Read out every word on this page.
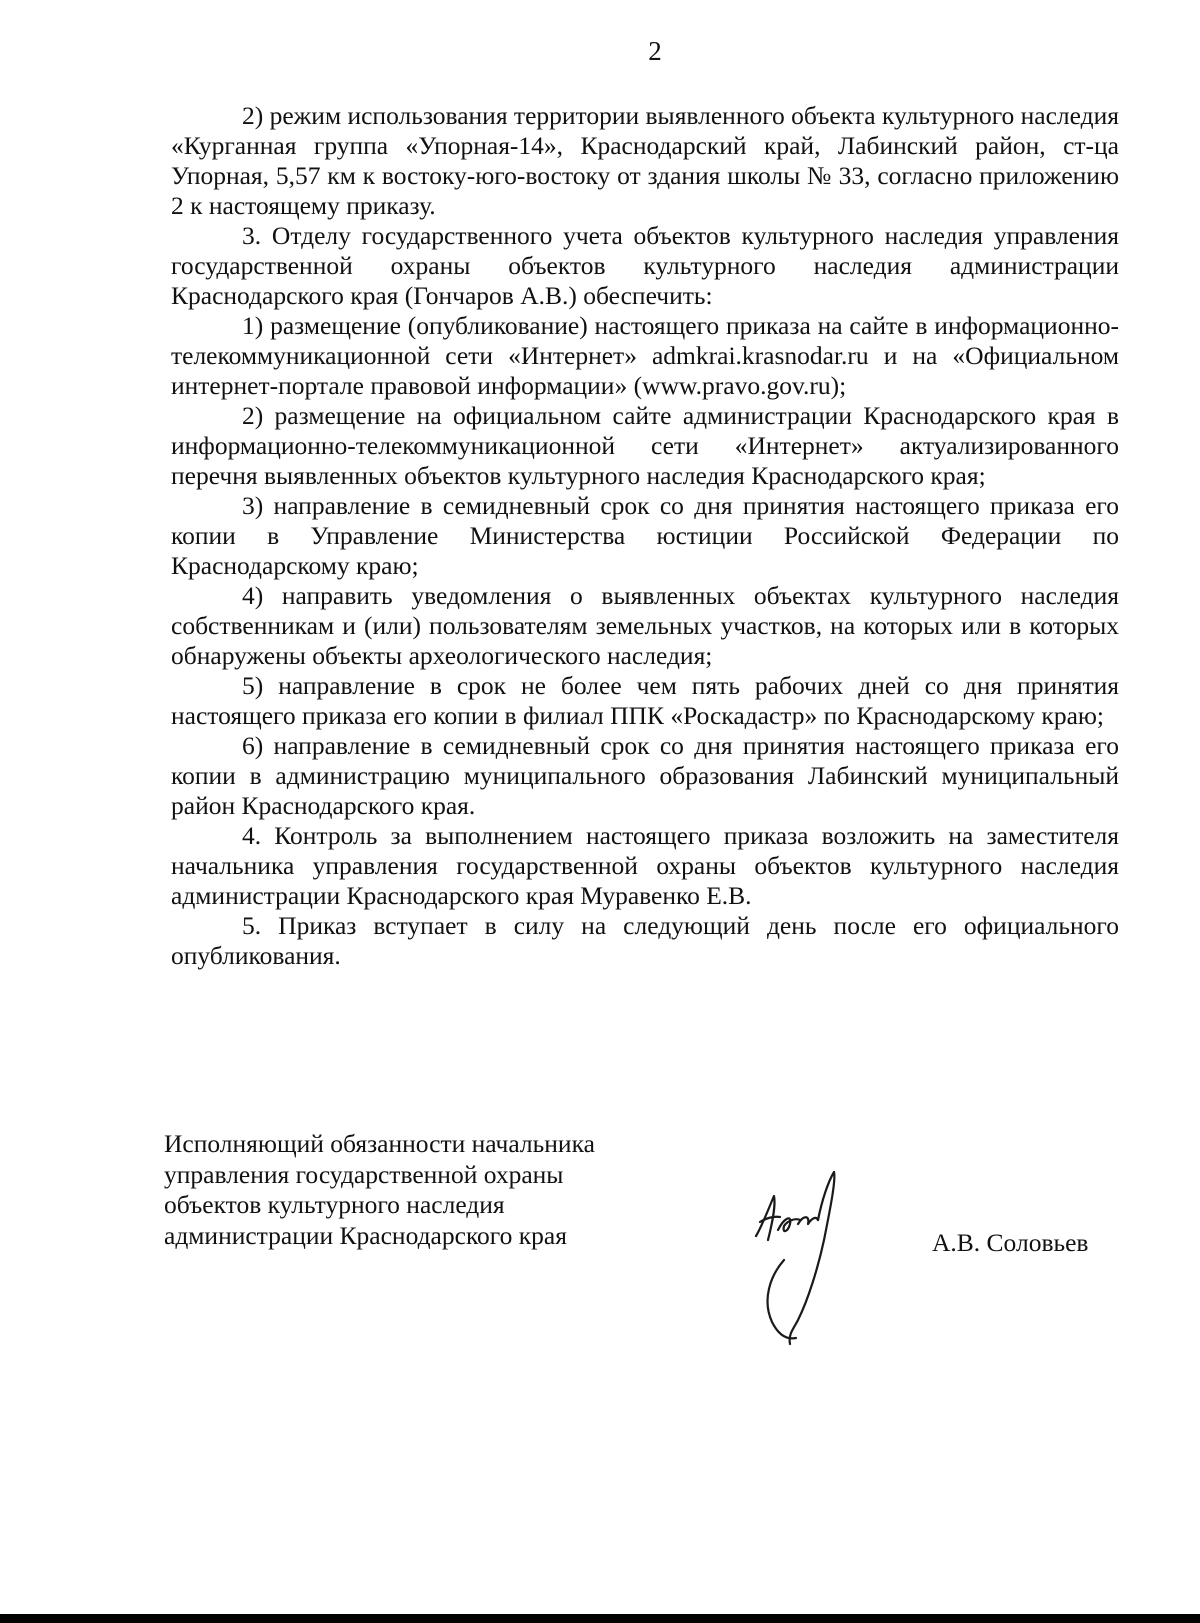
2

2) режим использования территории выявленного объекта культурного наследия «Курганная группа «Упорная-14», Краснодарский край, Лабинский район, ст-ца Упорная, 5,57 км к востоку-юго-востоку от здания школы № 33, согласно приложению 2 к настоящему приказу.

3. Отделу государственного учета объектов культурного наследия управления государственной охраны объектов культурного наследия администрации Краснодарского края (Гончаров А.В.) обеспечить:

1) размещение (опубликование) настоящего приказа на сайте в информационно-телекоммуникационной сети «Интернет» admkrai.krasnodar.ru и на «Официальном интернет-портале правовой информации» (www.pravo.gov.ru);

2) размещение на официальном сайте администрации Краснодарского края в информационно-телекоммуникационной сети «Интернет» актуализированного перечня выявленных объектов культурного наследия Краснодарского края;

3) направление в семидневный срок со дня принятия настоящего приказа его копии в Управление Министерства юстиции Российской Федерации по Краснодарскому краю;

4) направить уведомления о выявленных объектах культурного наследия собственникам и (или) пользователям земельных участков, на которых или в которых обнаружены объекты археологического наследия;

5) направление в срок не более чем пять рабочих дней со дня принятия настоящего приказа его копии в филиал ППК «Роскадастр» по Краснодарскому краю;

6) направление в семидневный срок со дня принятия настоящего приказа его копии в администрацию муниципального образования Лабинский муниципальный район Краснодарского края.

4. Контроль за выполнением настоящего приказа возложить на заместителя начальника управления государственной охраны объектов культурного наследия администрации Краснодарского края Муравенко Е.В.

5. Приказ вступает в силу на следующий день после его официального опубликования.

Исполняющий обязанности начальника

управления государственной охраны

объектов культурного наследия

администрации Краснодарского края	А.В. Соловьев
